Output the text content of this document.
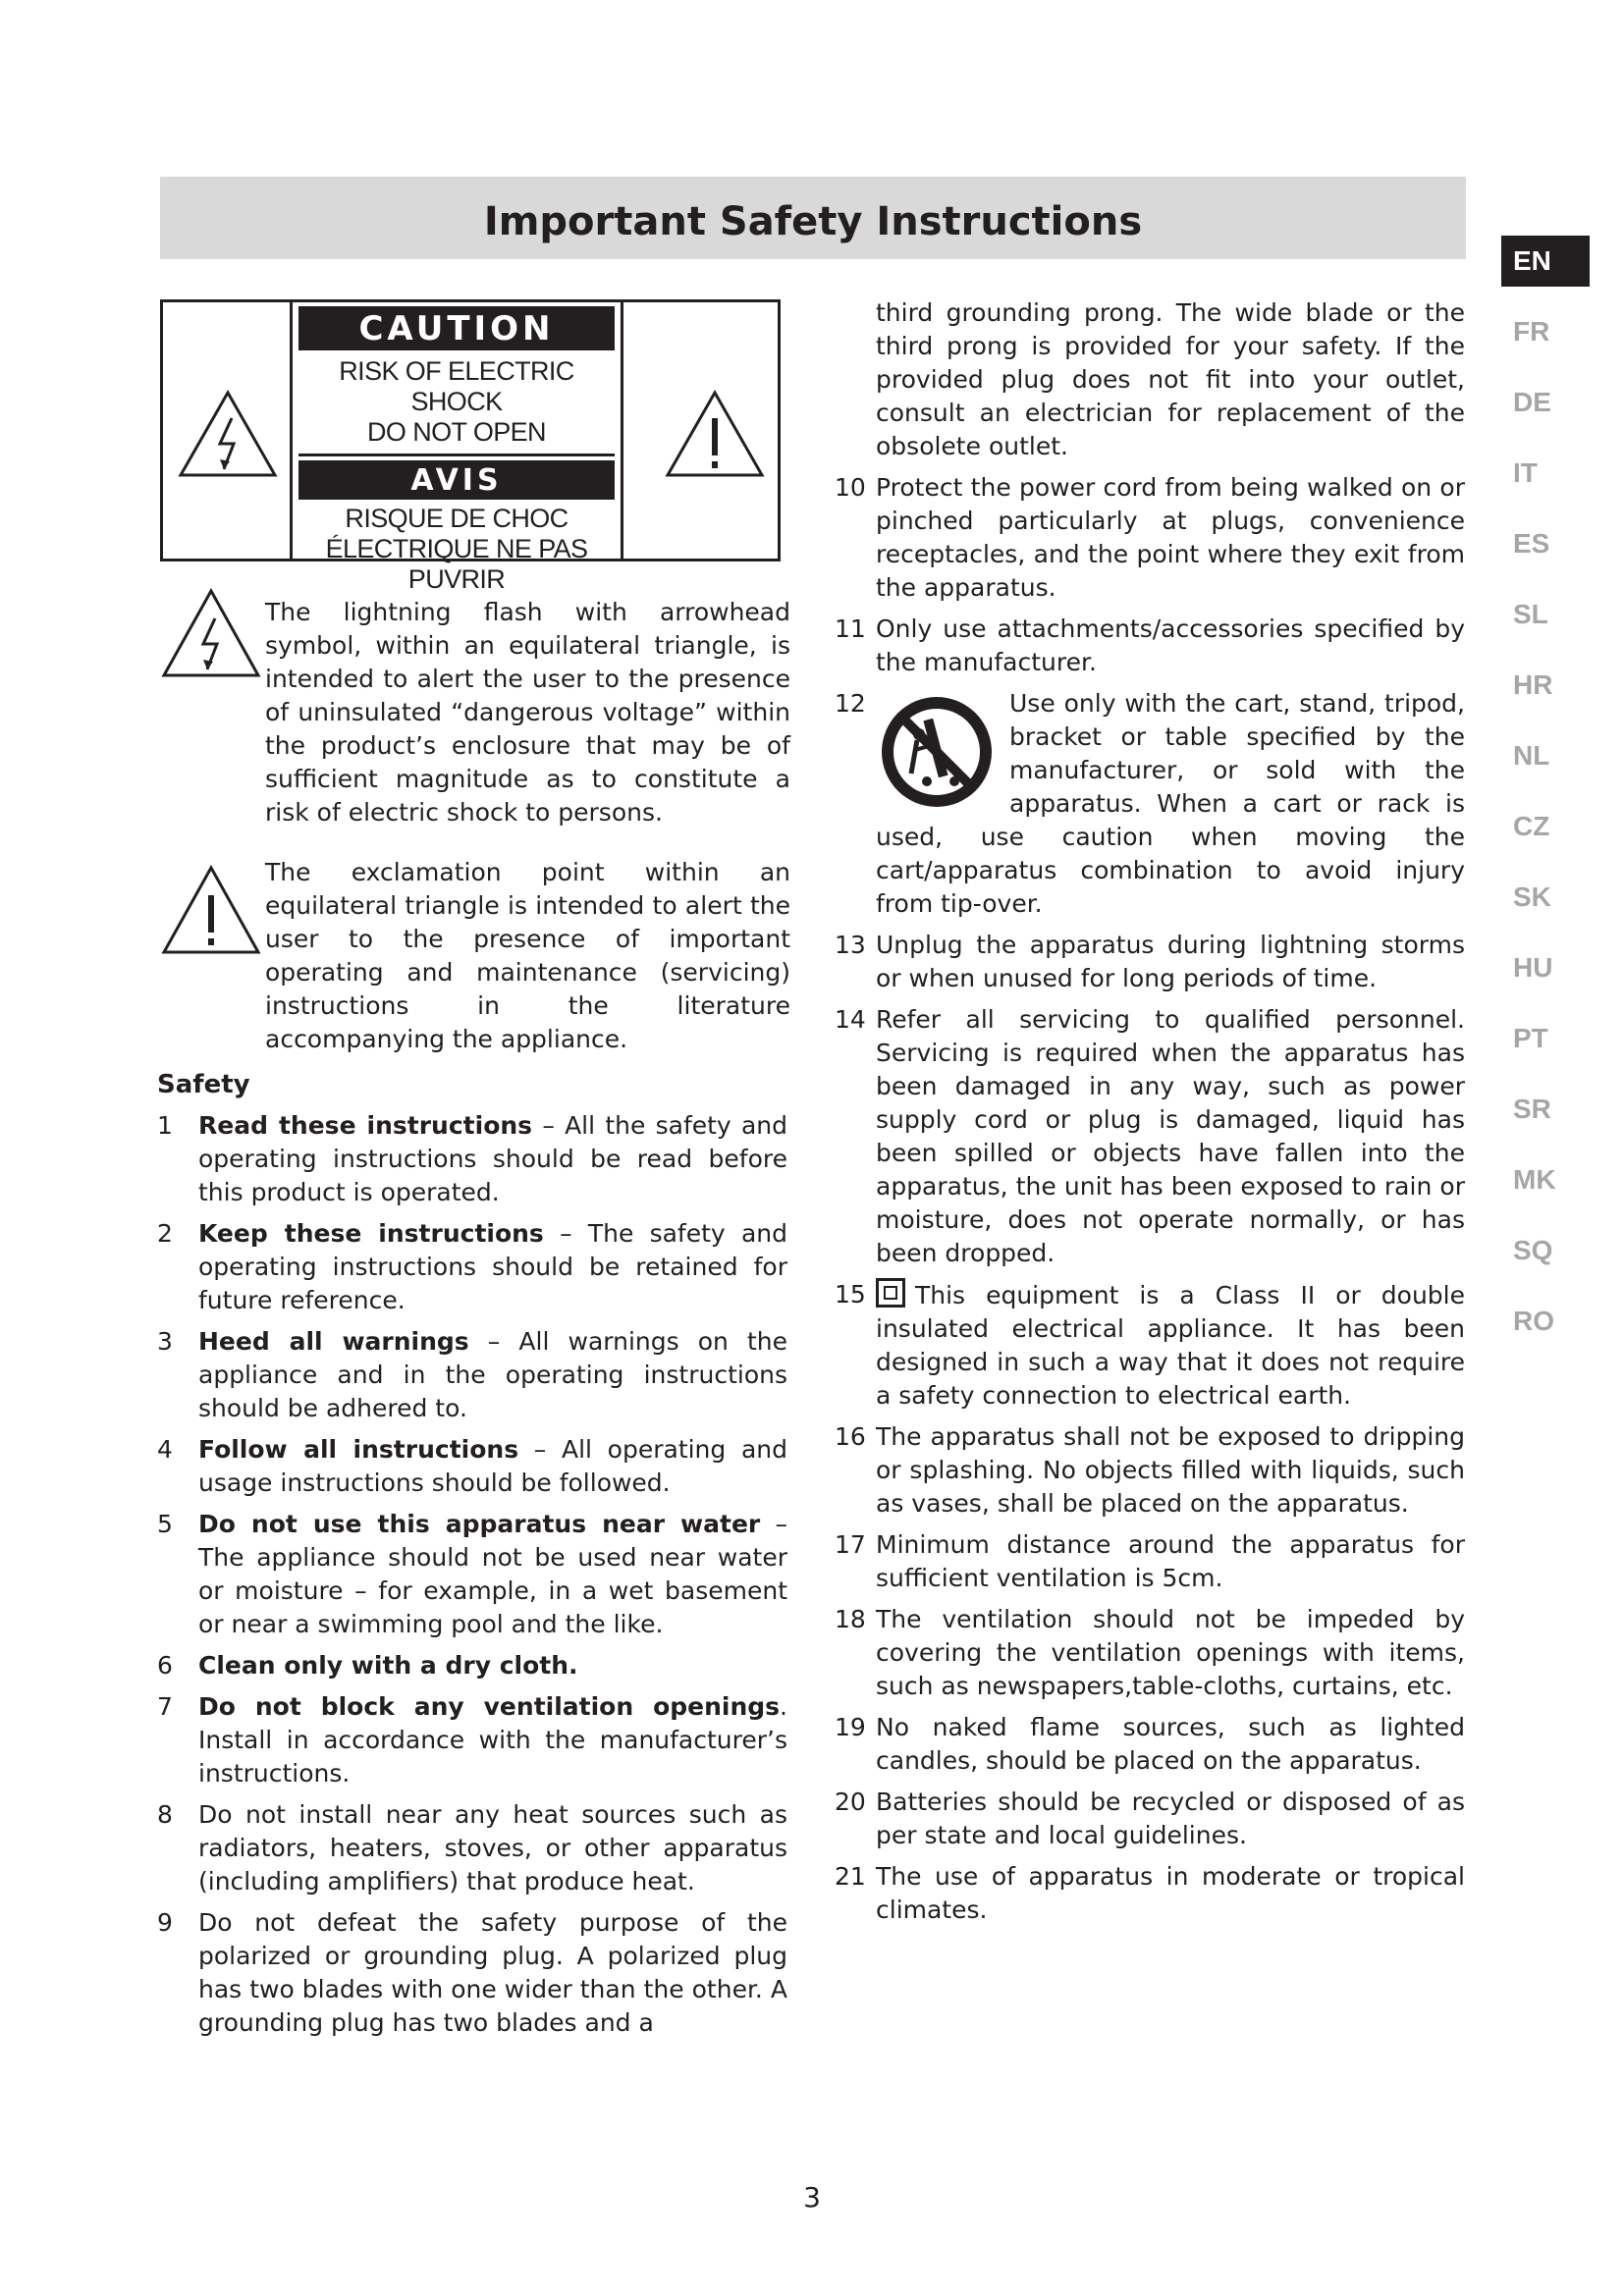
Important Safety Instructions
CAUTION
RISK OF ELECTRIC SHOCK
DO NOT OPEN
AVIS
RISQUE DE CHOC
ÉLECTRIQUE NE PAS PUVRIR
The lightning flash with arrowhead symbol, within an equilateral triangle, is intended to alert the user to the presence of uninsulated “dangerous voltage” within the product’s enclosure that may be of sufficient magnitude as to constitute a risk of electric shock to persons.
The exclamation point within an equilateral triangle is intended to alert the user to the presence of important operating and maintenance (servicing) instructions in the literature accompanying the appliance.
Safety
1 Read these instructions – All the safety and operating instructions should be read before this product is operated.
2 Keep these instructions – The safety and operating instructions should be retained for future reference.
3 Heed all warnings – All warnings on the appliance and in the operating instructions should be adhered to.
4 Follow all instructions – All operating and usage instructions should be followed.
5 Do not use this apparatus near water – The appliance should not be used near water or moisture – for example, in a wet basement or near a swimming pool and the like.
6 Clean only with a dry cloth.
7 Do not block any ventilation openings. Install in accordance with the manufacturer’s instructions.
8 Do not install near any heat sources such as radiators, heaters, stoves, or other apparatus (including amplifiers) that produce heat.
9 Do not defeat the safety purpose of the polarized or grounding plug. A polarized plug has two blades with one wider than the other. A grounding plug has two blades and a
third grounding prong. The wide blade or the third prong is provided for your safety. If the provided plug does not fit into your outlet, consult an electrician for replacement of the obsolete outlet.
10 Protect the power cord from being walked on or pinched particularly at plugs, convenience receptacles, and the point where they exit from the apparatus.
11 Only use attachments/accessories specified by the manufacturer.
12	Use only with the cart, stand, tripod, bracket or table specified by the manufacturer, or sold with the apparatus. When a cart or rack is used, use caution when moving the cart/apparatus combination to avoid injury from tip-over.
13 Unplug the apparatus during lightning storms or when unused for long periods of time.
14 Refer all servicing to qualified personnel. Servicing is required when the apparatus has been damaged in any way, such as power supply cord or plug is damaged, liquid has been spilled or objects have fallen into the apparatus, the unit has been exposed to rain or moisture, does not operate normally, or has been dropped.
15 This equipment is a Class II or double insulated electrical appliance. It has been designed in such a way that it does not require a safety connection to electrical earth.
16 The apparatus shall not be exposed to dripping or splashing. No objects filled with liquids, such as vases, shall be placed on the apparatus.
17 Minimum distance around the apparatus for sufficient ventilation is 5cm.
18 The ventilation should not be impeded by covering the ventilation openings with items, such as newspapers,table-cloths, curtains, etc.
19 No naked flame sources, such as lighted candles, should be placed on the apparatus.
20 Batteries should be recycled or disposed of as per state and local guidelines.
21 The use of apparatus in moderate or tropical climates.
EN
FR
DE
IT
ES
SL
HR
NL
CZ
SK
HU
PT
SR
MK
SQ
RO
3
